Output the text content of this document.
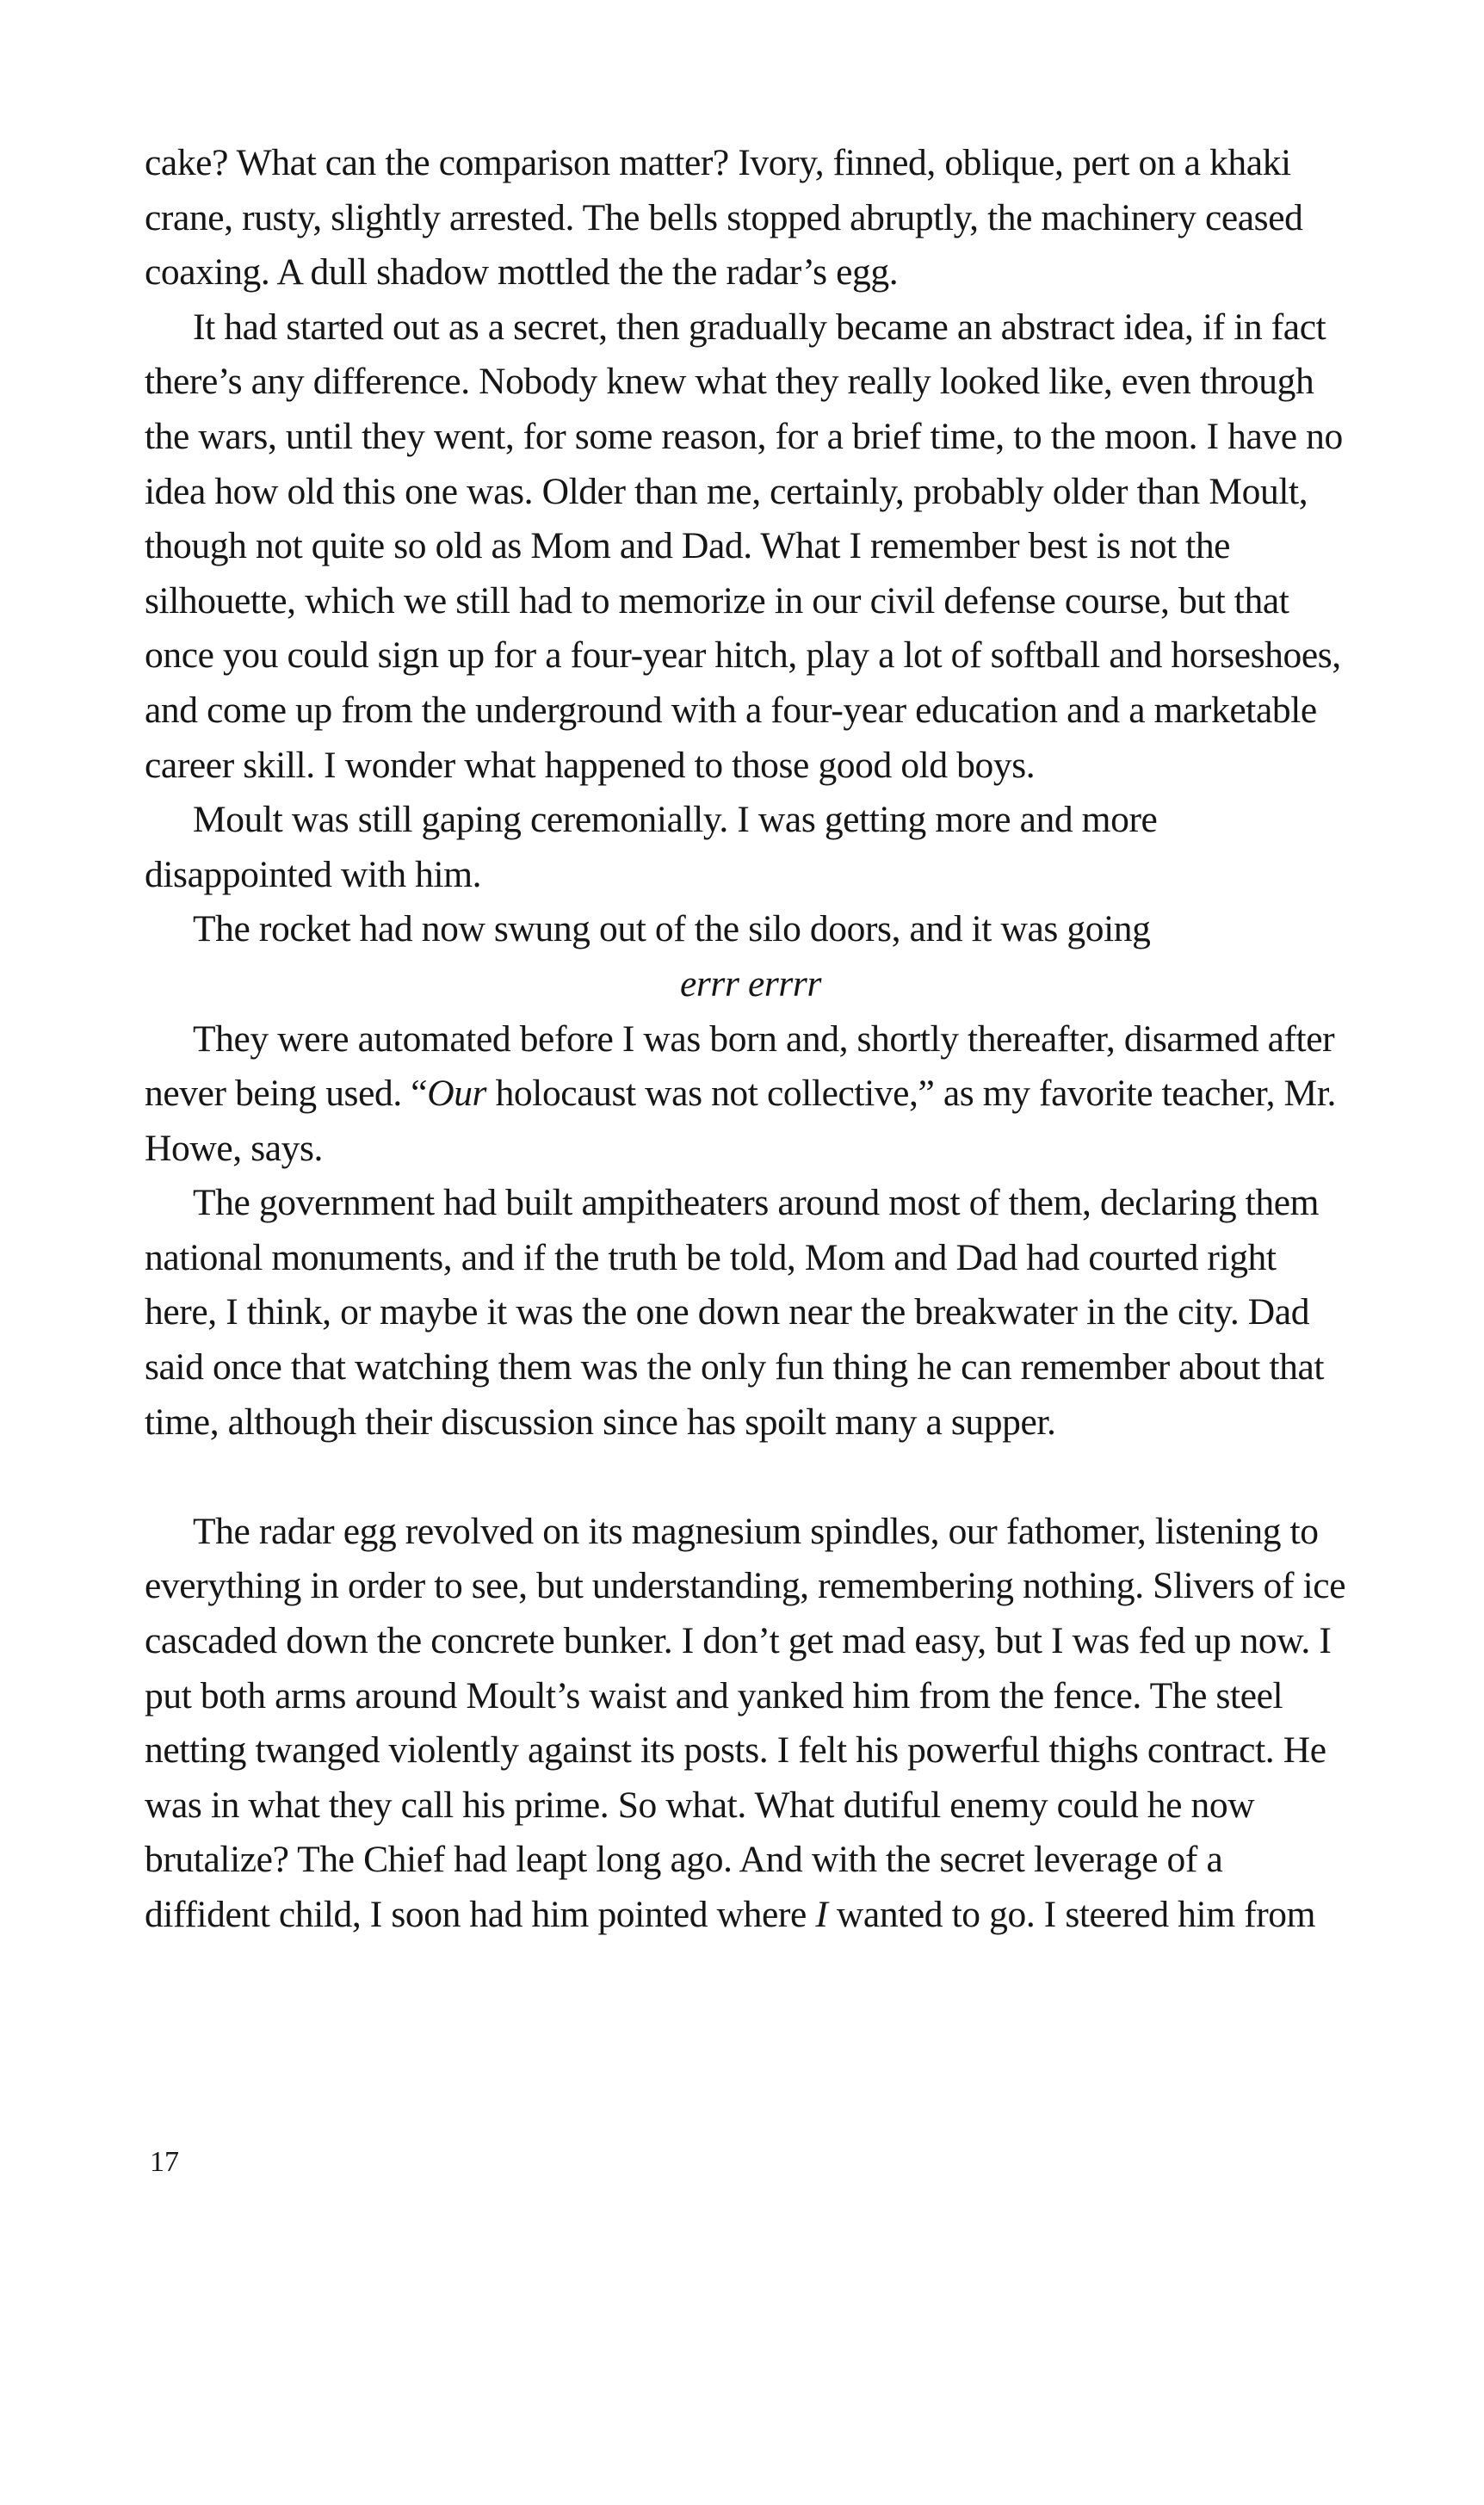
cake? What can the comparison matter? Ivory, finned, oblique, pert on a khaki crane, rusty, slightly arrested. The bells stopped abruptly, the machinery ceased coaxing. A dull shadow mottled the the radar’s egg.

It had started out as a secret, then gradually became an abstract idea, if in fact there’s any difference. Nobody knew what they really looked like, even through the wars, until they went, for some reason, for a brief time, to the moon. I have no idea how old this one was. Older than me, certainly, probably older than Moult, though not quite so old as Mom and Dad. What I remember best is not the silhouette, which we still had to memorize in our civil defense course, but that once you could sign up for a four-year hitch, play a lot of softball and horseshoes, and come up from the underground with a four-year education and a marketable career skill. I wonder what happened to those good old boys.

Moult was still gaping ceremonially. I was getting more and more disappointed with him.

The rocket had now swung out of the silo doors, and it was going

errr errrr

They were automated before I was born and, shortly thereafter, disarmed after never being used. “Our holocaust was not collective,” as my favorite teacher, Mr. Howe, says.

The government had built ampitheaters around most of them, declaring them national monuments, and if the truth be told, Mom and Dad had courted right here, I think, or maybe it was the one down near the breakwater in the city. Dad said once that watching them was the only fun thing he can remember about that time, although their discussion since has spoilt many a supper.

The radar egg revolved on its magnesium spindles, our fathomer, listening to everything in order to see, but understanding, remembering nothing. Slivers of ice cascaded down the concrete bunker. I don’t get mad easy, but I was fed up now. I put both arms around Moult’s waist and yanked him from the fence. The steel netting twanged violently against its posts. I felt his powerful thighs contract. He was in what they call his prime. So what. What dutiful enemy could he now brutalize? The Chief had leapt long ago. And with the secret leverage of a diffident child, I soon had him pointed where I wanted to go. I steered him from

17
